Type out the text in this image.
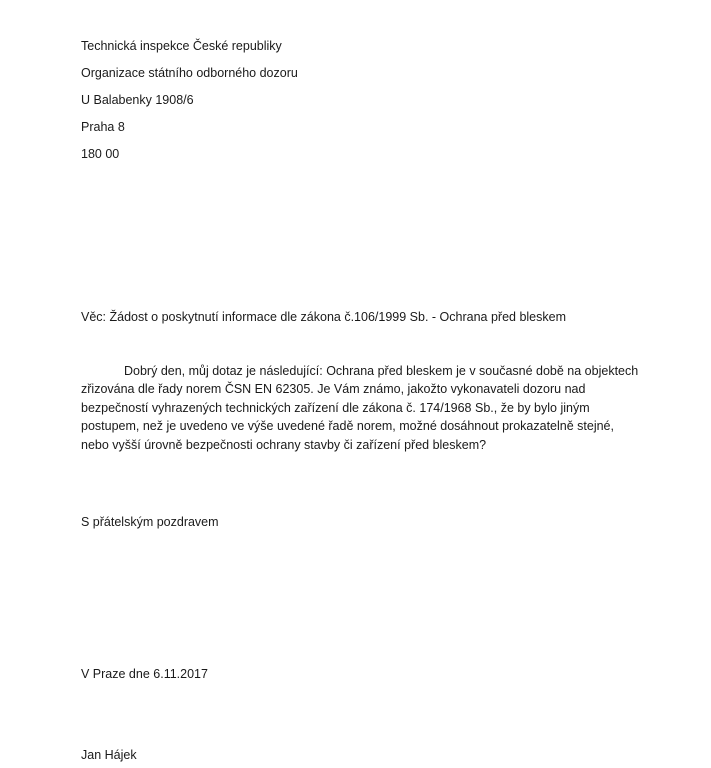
Technická inspekce České republiky
Organizace státního odborného dozoru
U Balabenky 1908/6
Praha 8
180 00
Věc: Žádost o poskytnutí informace dle zákona č.106/1999 Sb. - Ochrana před bleskem

Dobrý den, můj dotaz je následující: Ochrana před bleskem je v současné době na objektech zřizována dle řady norem ČSN EN 62305. Je Vám známo, jakožto vykonavateli dozoru nad bezpečností vyhrazených technických zařízení dle zákona č. 174/1968 Sb., že by bylo jiným postupem, než je uvedeno ve výše uvedené řadě norem, možné dosáhnout prokazatelně stejné, nebo vyšší úrovně bezpečnosti ochrany stavby či zařízení před bleskem?

S přátelským pozdravem
V Praze dne 6.11.2017
Jan Hájek
